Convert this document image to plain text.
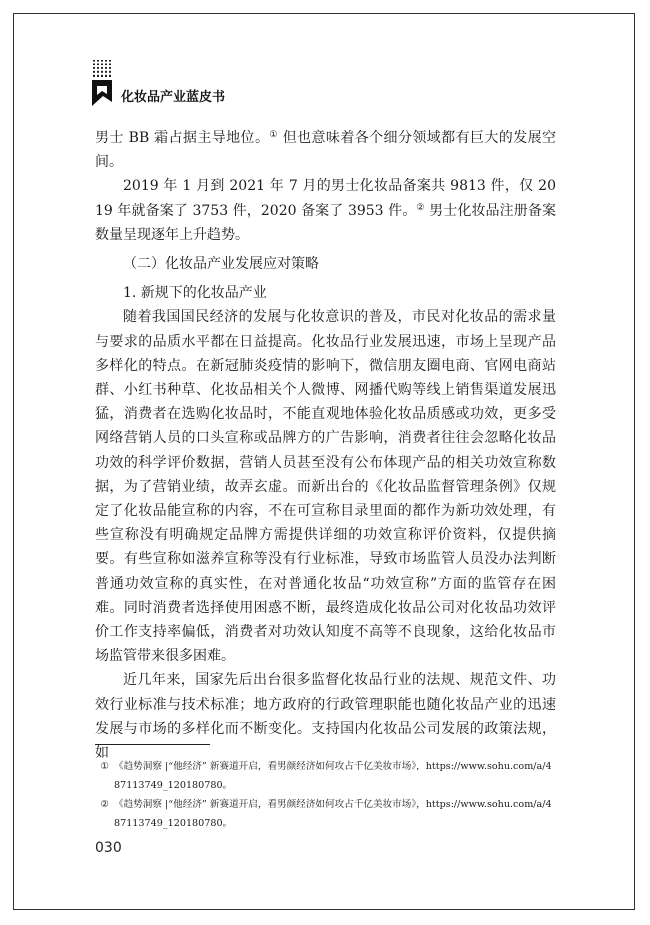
化妆品产业蓝皮书

男士 BB 霜占据主导地位。① 但也意味着各个细分领域都有巨大的发展空间。

2019 年 1 月到 2021 年 7 月的男士化妆品备案共 9813 件，仅 2019 年就备案了 3753 件，2020 备案了 3953 件。② 男士化妆品注册备案数量呈现逐年上升趋势。

（二）化妆品产业发展应对策略

1. 新规下的化妆品产业

随着我国国民经济的发展与化妆意识的普及，市民对化妆品的需求量与要求的品质水平都在日益提高。化妆品行业发展迅速，市场上呈现产品多样化的特点。在新冠肺炎疫情的影响下，微信朋友圈电商、官网电商站群、小红书种草、化妆品相关个人微博、网播代购等线上销售渠道发展迅猛，消费者在选购化妆品时，不能直观地体验化妆品质感或功效，更多受网络营销人员的口头宣称或品牌方的广告影响，消费者往往会忽略化妆品功效的科学评价数据，营销人员甚至没有公布体现产品的相关功效宣称数据，为了营销业绩，故弄玄虚。而新出台的《化妆品监督管理条例》仅规定了化妆品能宣称的内容，不在可宣称目录里面的都作为新功效处理，有些宣称没有明确规定品牌方需提供详细的功效宣称评价资料，仅提供摘要。有些宣称如滋养宣称等没有行业标准，导致市场监管人员没办法判断普通功效宣称的真实性，在对普通化妆品“功效宣称”方面的监管存在困难。同时消费者选择使用困惑不断，最终造成化妆品公司对化妆品功效评价工作支持率偏低，消费者对功效认知度不高等不良现象，这给化妆品市场监管带来很多困难。

近几年来，国家先后出台很多监督化妆品行业的法规、规范文件、功效行业标准与技术标准；地方政府的行政管理职能也随化妆品产业的迅速发展与市场的多样化而不断变化。支持国内化妆品公司发展的政策法规，如

① 《趋势洞察 |“他经济” 新赛道开启，看男颜经济如何攻占千亿美妆市场》，https://www.sohu.com/a/487113749_120180780。
② 《趋势洞察 |“他经济” 新赛道开启，看男颜经济如何攻占千亿美妆市场》，https://www.sohu.com/a/487113749_120180780。
030
